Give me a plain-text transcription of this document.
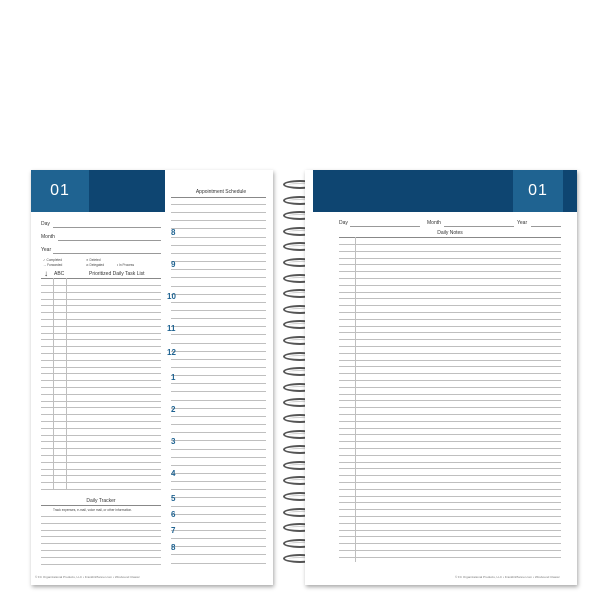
01
Day
Month
Year
✓ Completed
→ Forwarded
✕ Deleted
⊘ Delegated	• In Process
↓ ABC	Prioritized Daily Task List
Daily Tracker
Track expenses, e-mail, voice mail, or other information.
Appointment Schedule
8
9
10
11
12
1
2
3
4
5
6
7
8
© FC Organizational Products, LLC • FranklinPlanner.com • Wirebound Classic
01
Day	Month	Year
Daily Notes
© FC Organizational Products, LLC • FranklinPlanner.com • Wirebound Classic
